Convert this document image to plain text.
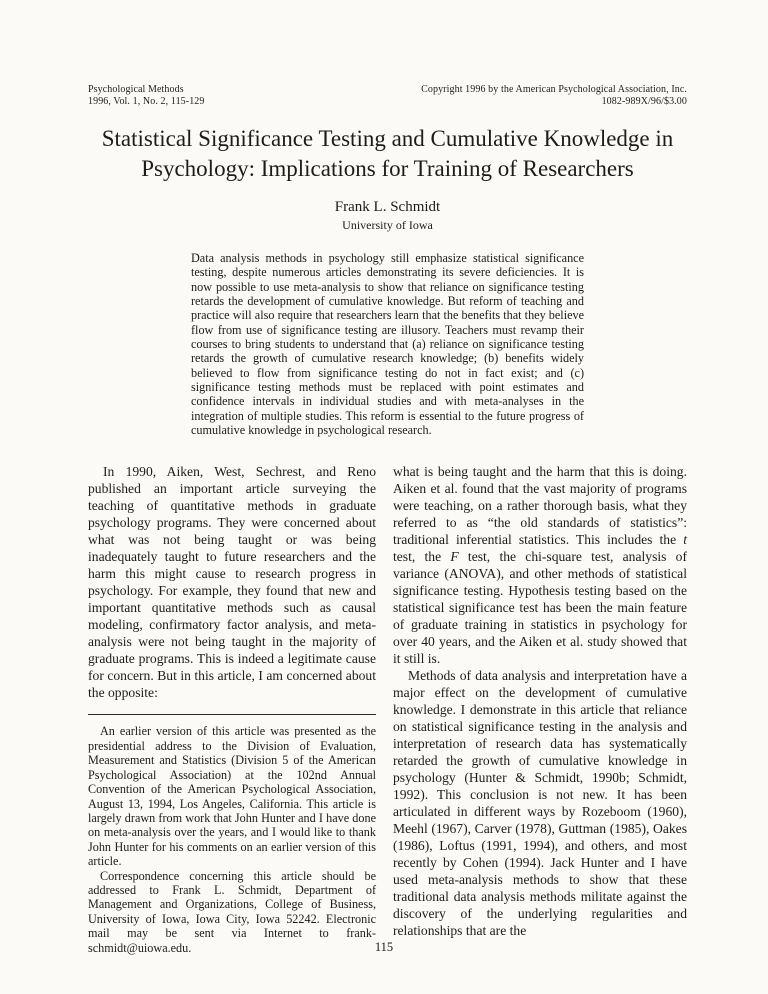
Psychological Methods
1996, Vol. 1, No. 2, 115-129
Copyright 1996 by the American Psychological Association, Inc.
1082-989X/96/$3.00
Statistical Significance Testing and Cumulative Knowledge in
Psychology: Implications for Training of Researchers
Frank L. Schmidt
University of Iowa
Data analysis methods in psychology still emphasize statistical significance testing, despite numerous articles demonstrating its severe deficiencies. It is now possible to use meta-analysis to show that reliance on significance testing retards the development of cumulative knowledge. But reform of teaching and practice will also require that researchers learn that the benefits that they believe flow from use of significance testing are illusory. Teachers must revamp their courses to bring students to understand that (a) reliance on significance testing retards the growth of cumulative research knowledge; (b) benefits widely believed to flow from significance testing do not in fact exist; and (c) significance testing methods must be replaced with point estimates and confidence intervals in individual studies and with meta-analyses in the integration of multiple studies. This reform is essential to the future progress of cumulative knowledge in psychological research.

In 1990, Aiken, West, Sechrest, and Reno published an important article surveying the teaching of quantitative methods in graduate psychology programs. They were concerned about what was not being taught or was being inadequately taught to future researchers and the harm this might cause to research progress in psychology. For example, they found that new and important quantitative methods such as causal modeling, confirmatory factor analysis, and meta-analysis were not being taught in the majority of graduate programs. This is indeed a legitimate cause for concern. But in this article, I am concerned about the opposite:

An earlier version of this article was presented as the presidential address to the Division of Evaluation, Measurement and Statistics (Division 5 of the American Psychological Association) at the 102nd Annual Convention of the American Psychological Association, August 13, 1994, Los Angeles, California. This article is largely drawn from work that John Hunter and I have done on meta-analysis over the years, and I would like to thank John Hunter for his comments on an earlier version of this article.

Correspondence concerning this article should be addressed to Frank L. Schmidt, Department of Management and Organizations, College of Business, University of Iowa, Iowa City, Iowa 52242. Electronic mail may be sent via Internet to frank-schmidt@uiowa.edu.

what is being taught and the harm that this is doing. Aiken et al. found that the vast majority of programs were teaching, on a rather thorough basis, what they referred to as “the old standards of statistics”: traditional inferential statistics. This includes the t test, the F test, the chi-square test, analysis of variance (ANOVA), and other methods of statistical significance testing. Hypothesis testing based on the statistical significance test has been the main feature of graduate training in statistics in psychology for over 40 years, and the Aiken et al. study showed that it still is.

Methods of data analysis and interpretation have a major effect on the development of cumulative knowledge. I demonstrate in this article that reliance on statistical significance testing in the analysis and interpretation of research data has systematically retarded the growth of cumulative knowledge in psychology (Hunter & Schmidt, 1990b; Schmidt, 1992). This conclusion is not new. It has been articulated in different ways by Rozeboom (1960), Meehl (1967), Carver (1978), Guttman (1985), Oakes (1986), Loftus (1991, 1994), and others, and most recently by Cohen (1994). Jack Hunter and I have used meta-analysis methods to show that these traditional data analysis methods militate against the discovery of the underlying regularities and relationships that are the

115
